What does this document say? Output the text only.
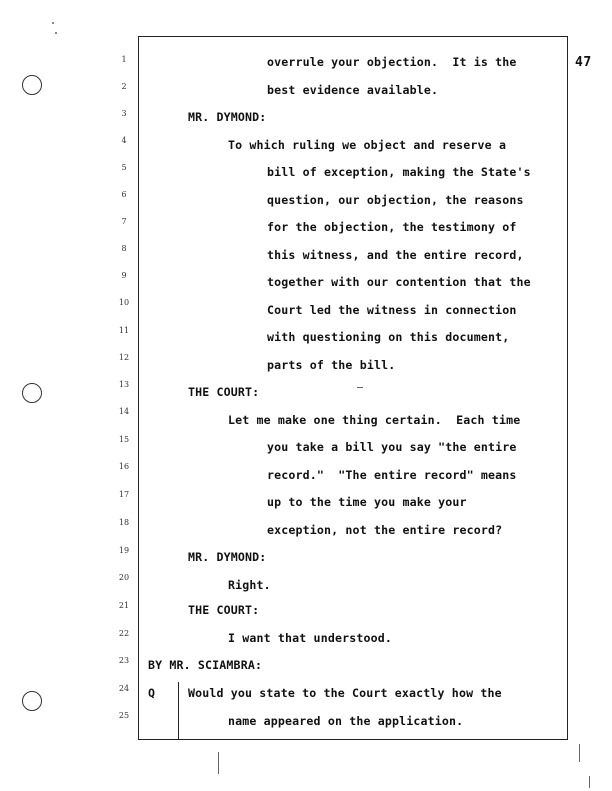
47
1
2
3
4
5
6
7
8
9
10
11
12
13
14
15
16
17
18
19
20
21
22
23
24
25
overrule your objection.  It is the
best evidence available.
MR. DYMOND:
To which ruling we object and reserve a
bill of exception, making the State's
question, our objection, the reasons
for the objection, the testimony of
this witness, and the entire record,
together with our contention that the
Court led the witness in connection
with questioning on this document,
parts of the bill.
THE COURT:
Let me make one thing certain.  Each time
you take a bill you say "the entire
record."  "The entire record" means
up to the time you make your
exception, not the entire record?
MR. DYMOND:
Right.
THE COURT:
I want that understood.
BY MR. SCIAMBRA:
Q	Would you state to the Court exactly how the
name appeared on the application.
